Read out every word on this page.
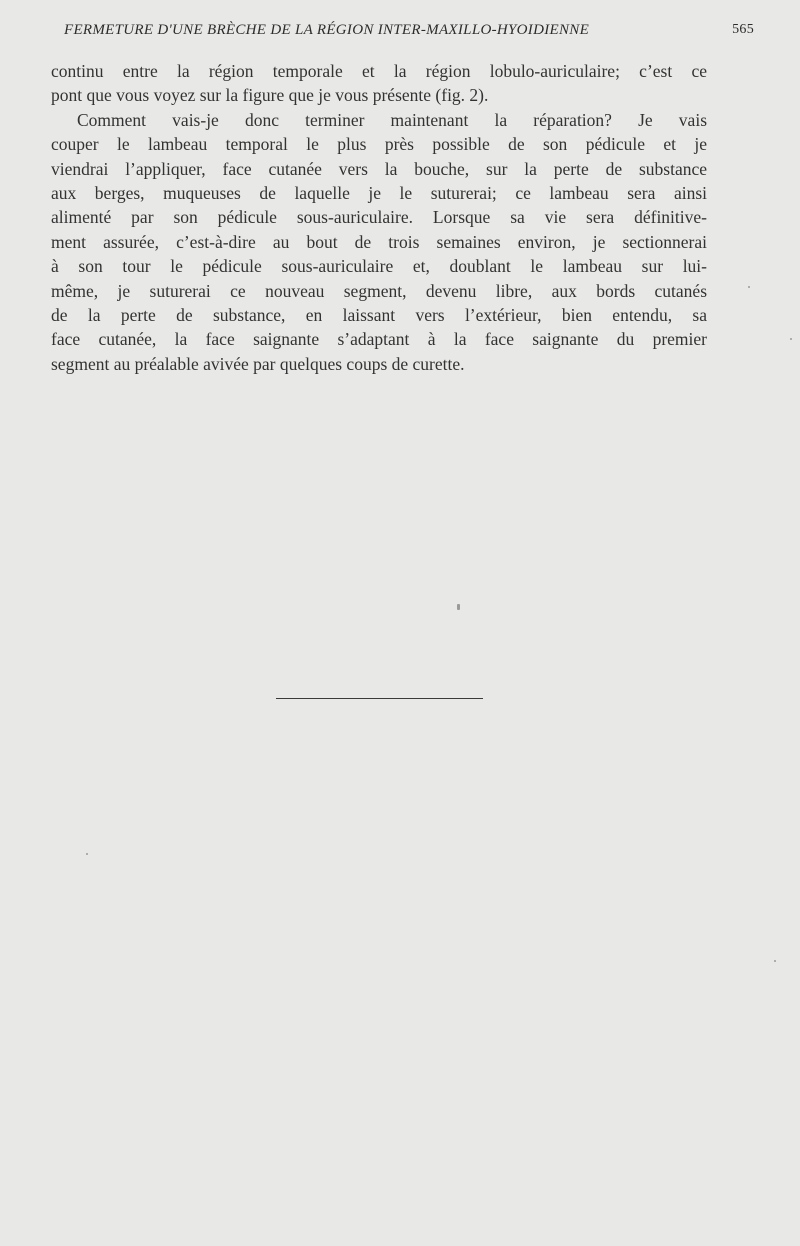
FERMETURE D'UNE BRÈCHE DE LA RÉGION INTER-MAXILLO-HYOIDIENNE	565
continu entre la région temporale et la région lobulo-auriculaire; c’est ce
pont que vous voyez sur la figure que je vous présente (fig. 2).
Comment vais-je donc terminer maintenant la réparation? Je vais
couper le lambeau temporal le plus près possible de son pédicule et je
viendrai l’appliquer, face cutanée vers la bouche, sur la perte de substance
aux berges, muqueuses de laquelle je le suturerai; ce lambeau sera ainsi
alimenté par son pédicule sous-auriculaire. Lorsque sa vie sera définitive-
ment assurée, c’est-à-dire au bout de trois semaines environ, je sectionnerai
à son tour le pédicule sous-auriculaire et, doublant le lambeau sur lui-
même, je suturerai ce nouveau segment, devenu libre, aux bords cutanés
de la perte de substance, en laissant vers l’extérieur, bien entendu, sa
face cutanée, la face saignante s’adaptant à la face saignante du premier
segment au préalable avivée par quelques coups de curette.
